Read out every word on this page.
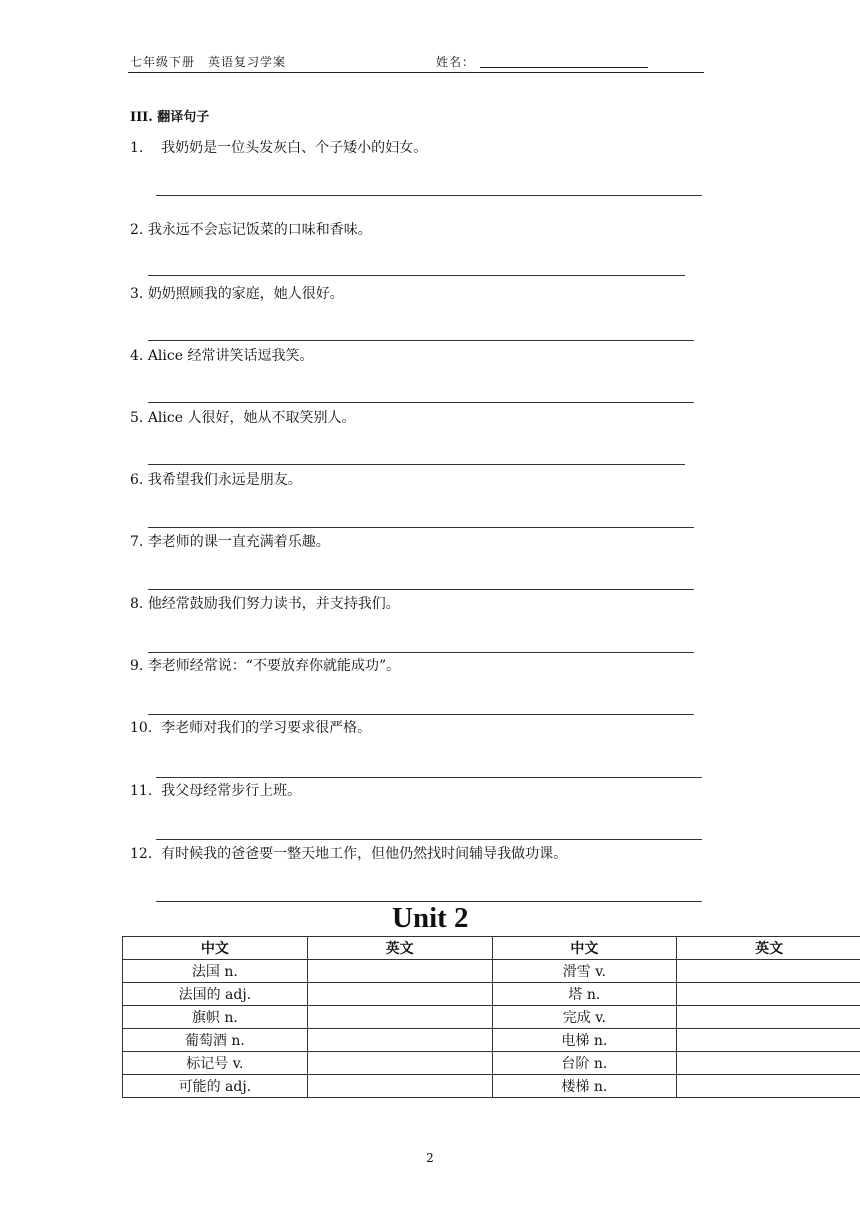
七年级下册　英语复习学案	姓名：
III. 翻译句子
1. 我奶奶是一位头发灰白、个子矮小的妇女。
2. 我永远不会忘记饭菜的口味和香味。
3. 奶奶照顾我的家庭，她人很好。
4. Alice 经常讲笑话逗我笑。
5. Alice 人很好，她从不取笑别人。
6. 我希望我们永远是朋友。
7. 李老师的课一直充满着乐趣。
8. 他经常鼓励我们努力读书，并支持我们。
9. 李老师经常说：“不要放弃你就能成功”。
10. 李老师对我们的学习要求很严格。
11. 我父母经常步行上班。
12. 有时候我的爸爸要一整天地工作，但他仍然找时间辅导我做功课。
Unit 2
中文	英文	中文	英文
法国 n.		滑雪 v.	
法国的 adj.		塔 n.	
旗帜 n.		完成 v.	
葡萄酒 n.		电梯 n.	
标记号 v.		台阶 n.	
可能的 adj.		楼梯 n.	
2
